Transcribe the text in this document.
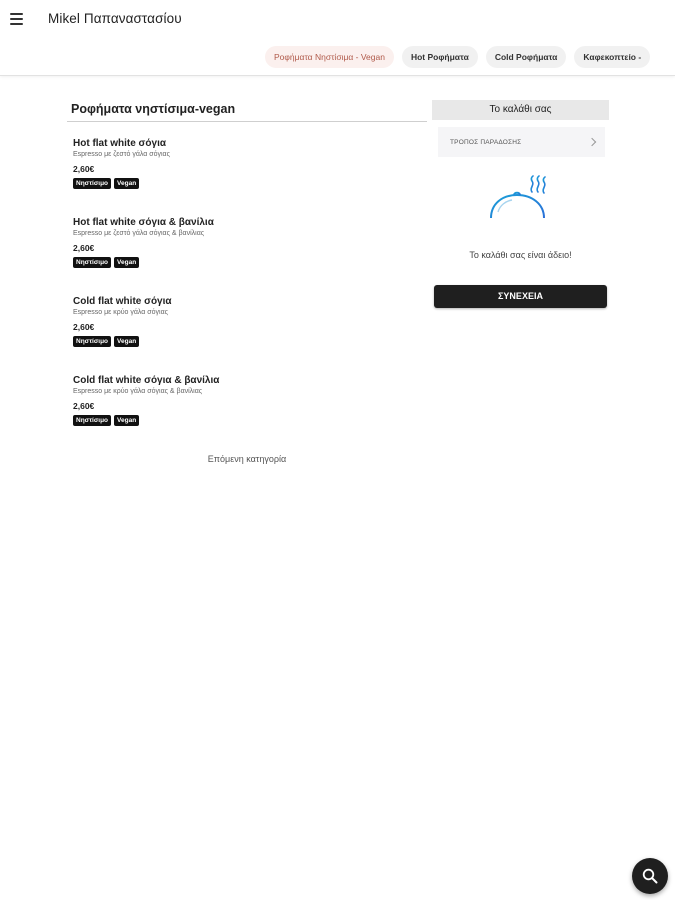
Mikel Παπαναστασίου
Ροφήματα Νηστίσιμα - Vegan	Hot Ροφήματα	Cold Ροφήματα	Καφεκοπτείο -
Ροφήματα νηστίσιμα-vegan
Hot flat white σόγια
Espresso με ζεστό γάλα σόγιας
2,60€
Νηστίσιμο	Vegan
Hot flat white σόγια & βανίλια
Espresso με ζεστό γάλα σόγιας & βανίλιας
2,60€
Νηστίσιμο	Vegan
Cold flat white σόγια
Espresso με κρύο γάλα σόγιας
2,60€
Νηστίσιμο	Vegan
Cold flat white σόγια & βανίλια
Espresso με κρύο γάλα σόγιας & βανίλιας
2,60€
Νηστίσιμο	Vegan
Επόμενη κατηγορία
Το καλάθι σας
ΤΡΟΠΟΣ ΠΑΡΑΔΟΣΗΣ
Το καλάθι σας είναι άδειο!
ΣΥΝΕΧΕΙΑ
